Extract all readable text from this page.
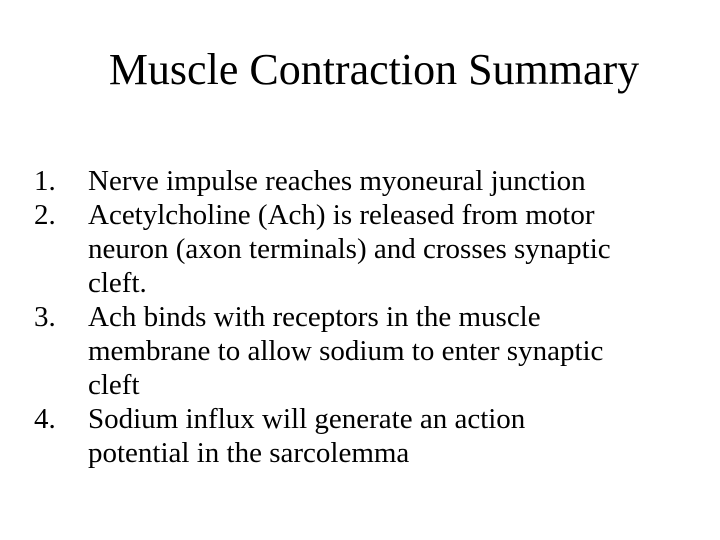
Muscle Contraction Summary
1. Nerve impulse reaches myoneural junction
2. Acetylcholine (Ach) is released from motor neuron (axon terminals) and crosses synaptic cleft.
3. Ach binds with receptors in the muscle membrane to allow sodium to enter synaptic cleft
4. Sodium influx will generate an action potential in the sarcolemma
